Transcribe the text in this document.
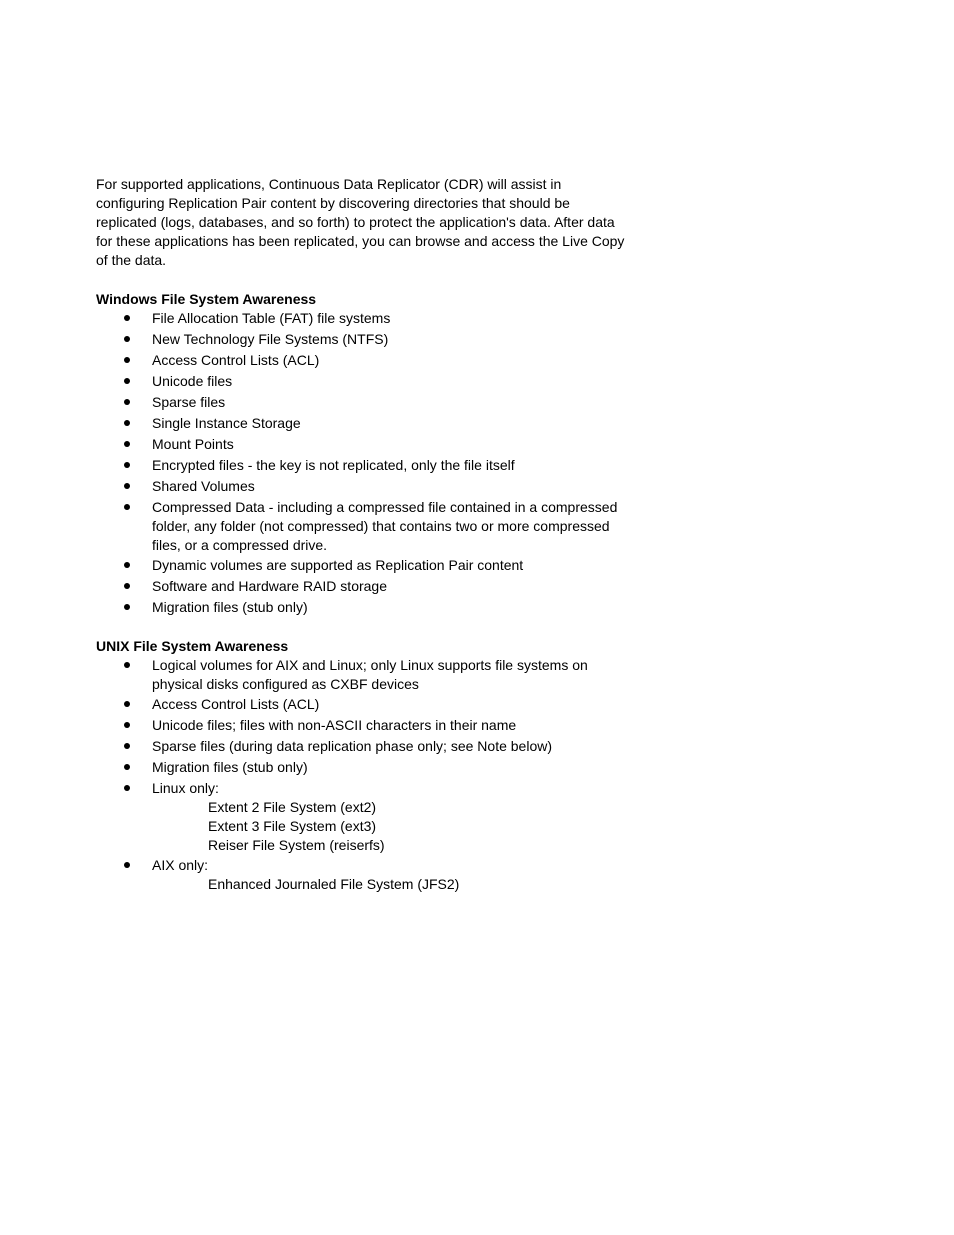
For supported applications, Continuous Data Replicator (CDR) will assist in configuring Replication Pair content by discovering directories that should be replicated (logs, databases, and so forth) to protect the application's data. After data for these applications has been replicated, you can browse and access the Live Copy of the data.

Windows File System Awareness

File Allocation Table (FAT) file systems
New Technology File Systems (NTFS)
Access Control Lists (ACL)
Unicode files
Sparse files
Single Instance Storage
Mount Points
Encrypted files - the key is not replicated, only the file itself
Shared Volumes
Compressed Data - including a compressed file contained in a compressed folder, any folder (not compressed) that contains two or more compressed files, or a compressed drive.
Dynamic volumes are supported as Replication Pair content
Software and Hardware RAID storage
Migration files (stub only)

UNIX File System Awareness

Logical volumes for AIX and Linux; only Linux supports file systems on physical disks configured as CXBF devices
Access Control Lists (ACL)
Unicode files; files with non-ASCII characters in their name
Sparse files (during data replication phase only; see Note below)
Migration files (stub only)
Linux only:
Extent 2 File System (ext2)
Extent 3 File System (ext3)
Reiser File System (reiserfs)
AIX only:
Enhanced Journaled File System (JFS2)
